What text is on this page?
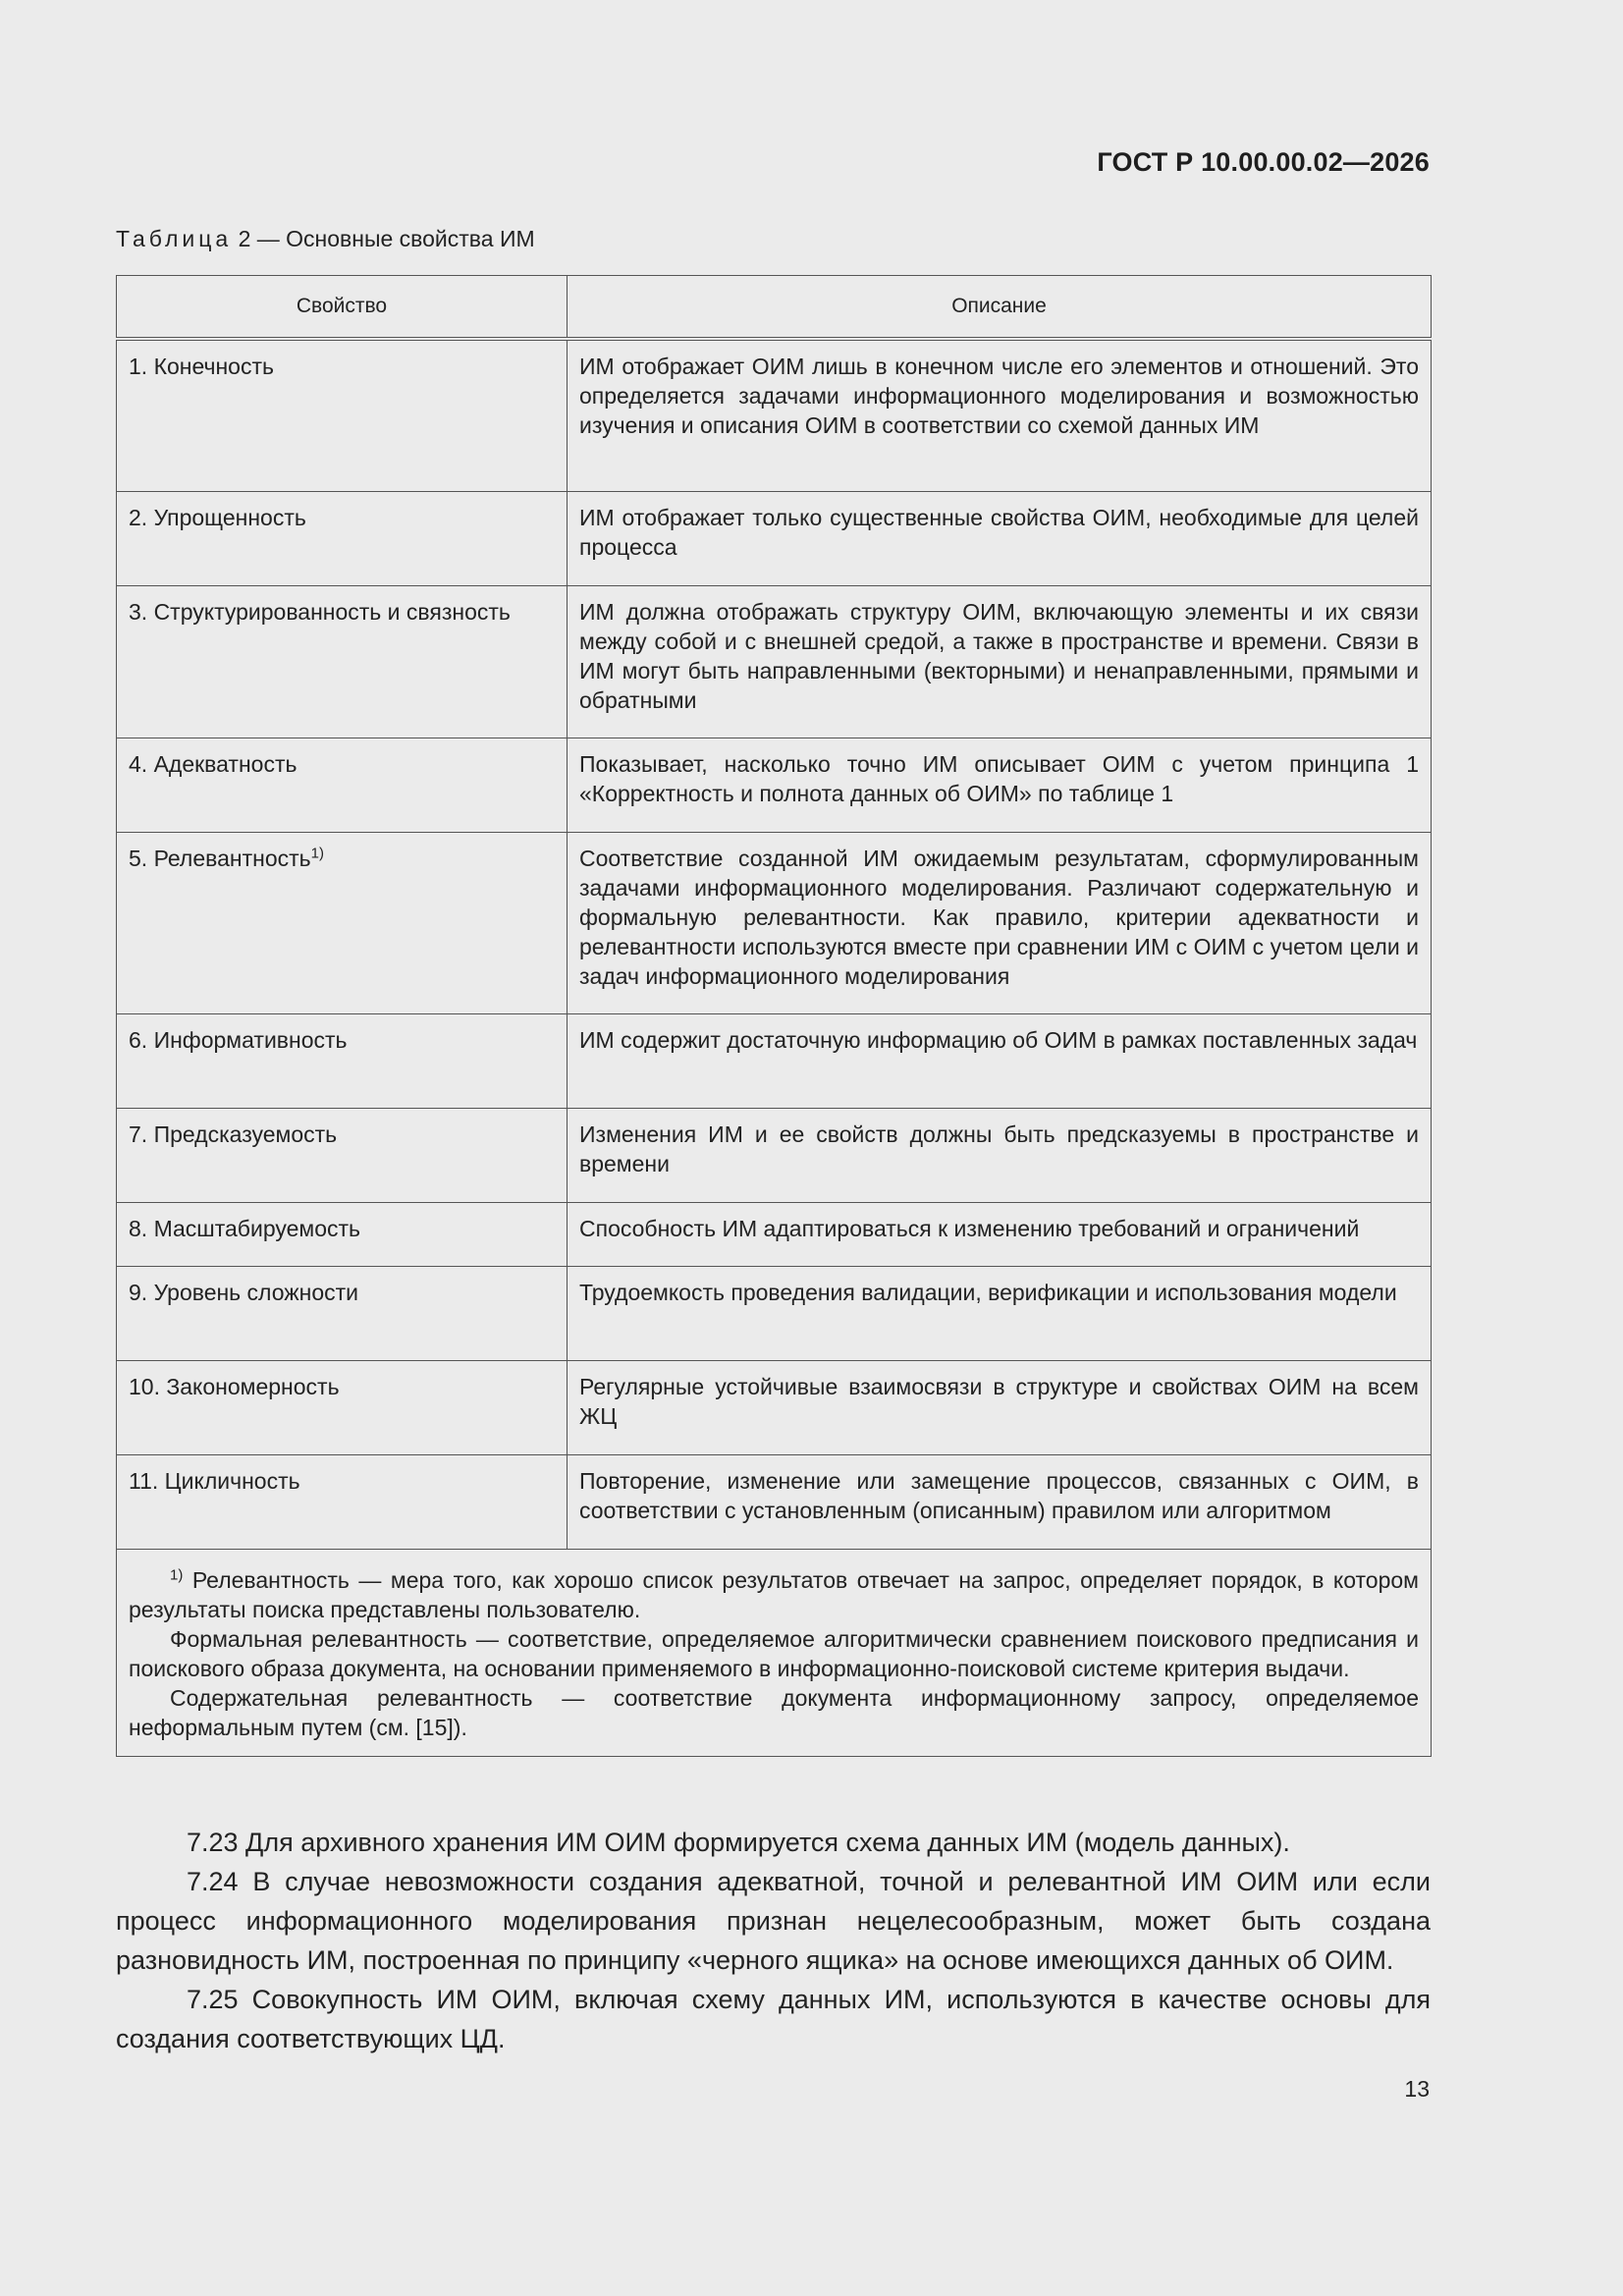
ГОСТ Р 10.00.00.02—2026
Таблица 2 — Основные свойства ИМ
Свойство	Описание
1. Конечность	ИМ отображает ОИМ лишь в конечном числе его элементов и отношений. Это определяется задачами информационного моделирования и возможностью изучения и описания ОИМ в соответствии со схемой данных ИМ

2. Упрощенность	ИМ отображает только существенные свойства ОИМ, необходимые для целей процесса

3. Структурированность и связность	ИМ должна отображать структуру ОИМ, включающую элементы и их связи между собой и с внешней средой, а также в пространстве и времени. Связи в ИМ могут быть направленными (векторными) и ненаправленными, прямыми и обратными

4. Адекватность	Показывает, насколько точно ИМ описывает ОИМ с учетом принципа 1 «Корректность и полнота данных об ОИМ» по таблице 1

5. Релевантность$^{1)}$	Соответствие созданной ИМ ожидаемым результатам, сформулированным задачами информационного моделирования. Различают содержательную и формальную релевантности. Как правило, критерии адекватности и релевантности используются вместе при сравнении ИМ с ОИМ с учетом цели и задач информационного моделирования

6. Информативность	ИМ содержит достаточную информацию об ОИМ в рамках поставленных задач

7. Предсказуемость	Изменения ИМ и ее свойств должны быть предсказуемы в пространстве и времени

8. Масштабируемость	Способность ИМ адаптироваться к изменению требований и ограничений

9. Уровень сложности	Трудоемкость проведения валидации, верификации и использования модели

10. Закономерность	Регулярные устойчивые взаимосвязи в структуре и свойствах ОИМ на всем ЖЦ

11. Цикличность	Повторение, изменение или замещение процессов, связанных с ОИМ, в соответствии с установленным (описанным) правилом или алгоритмом

$^{1)}$ Релевантность — мера того, как хорошо список результатов отвечает на запрос, определяет порядок, в котором результаты поиска представлены пользователю.

Формальная релевантность — соответствие, определяемое алгоритмически сравнением поискового предписания и поискового образа документа, на основании применяемого в информационно-поисковой системе критерия выдачи.

Содержательная релевантность — соответствие документа информационному запросу, определяемое неформальным путем (см. [15]).	

7.23 Для архивного хранения ИМ ОИМ формируется схема данных ИМ (модель данных).

7.24 В случае невозможности создания адекватной, точной и релевантной ИМ ОИМ или если процесс информационного моделирования признан нецелесообразным, может быть создана разновидность ИМ, построенная по принципу «черного ящика» на основе имеющихся данных об ОИМ.

7.25 Совокупность ИМ ОИМ, включая схему данных ИМ, используются в качестве основы для создания соответствующих ЦД.

13
